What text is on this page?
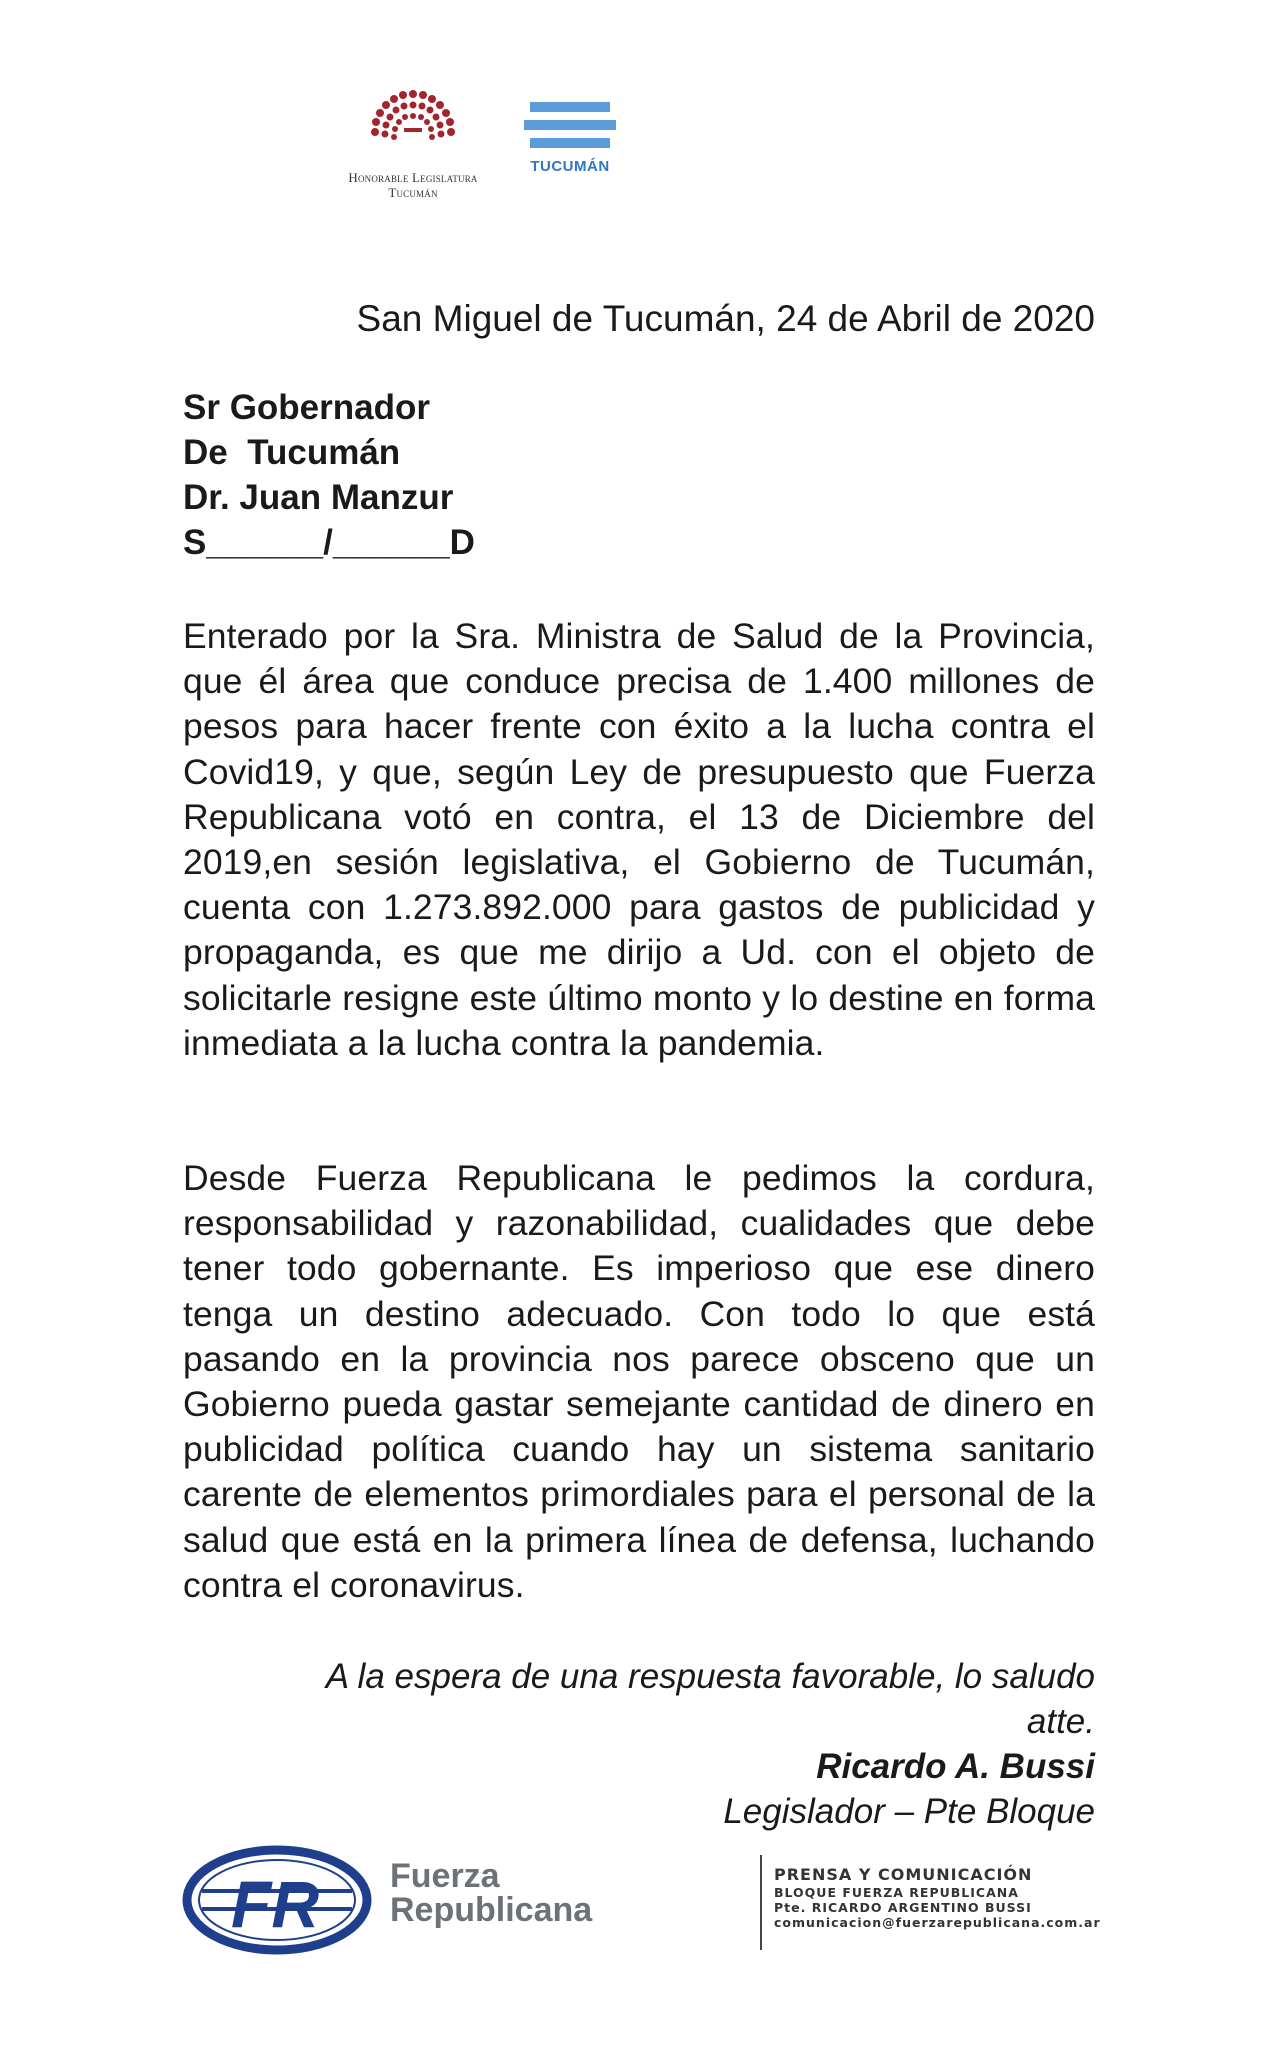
Honorable Legislatura
Tucumán
TUCUMÁN
San Miguel de Tucumán, 24 de Abril de 2020
Sr Gobernador
De  Tucumán
Dr. Juan Manzur
S______/______D
Enterado por la Sra. Ministra de Salud de la Provincia, que él área que conduce precisa de 1.400 millones de pesos para hacer frente con éxito a la lucha contra el Covid19, y que, según Ley de presupuesto que Fuerza Republicana votó en contra, el 13 de Diciembre del 2019,en sesión legislativa, el Gobierno de Tucumán, cuenta con 1.273.892.000 para gastos de publicidad y propaganda, es que me dirijo a Ud. con el objeto de solicitarle resigne este último monto y lo destine en forma inmediata a la lucha contra la pandemia.
Desde Fuerza Republicana le pedimos la cordura, responsabilidad y razonabilidad, cualidades que debe tener todo gobernante. Es imperioso que ese dinero tenga un destino adecuado. Con todo lo que está pasando en la provincia nos parece obsceno que un Gobierno pueda gastar semejante cantidad de dinero en publicidad política cuando hay un sistema sanitario carente de elementos primordiales para el personal de la salud que está en la primera línea de defensa, luchando contra el coronavirus.
A la espera de una respuesta favorable, lo saludo
atte.
Ricardo A. Bussi
Legislador – Pte Bloque
FR Fuerza
Republicana
PRENSA Y COMUNICACIÓN
BLOQUE FUERZA REPUBLICANA
Pte. RICARDO ARGENTINO BUSSI
comunicacion@fuerzarepublicana.com.ar
